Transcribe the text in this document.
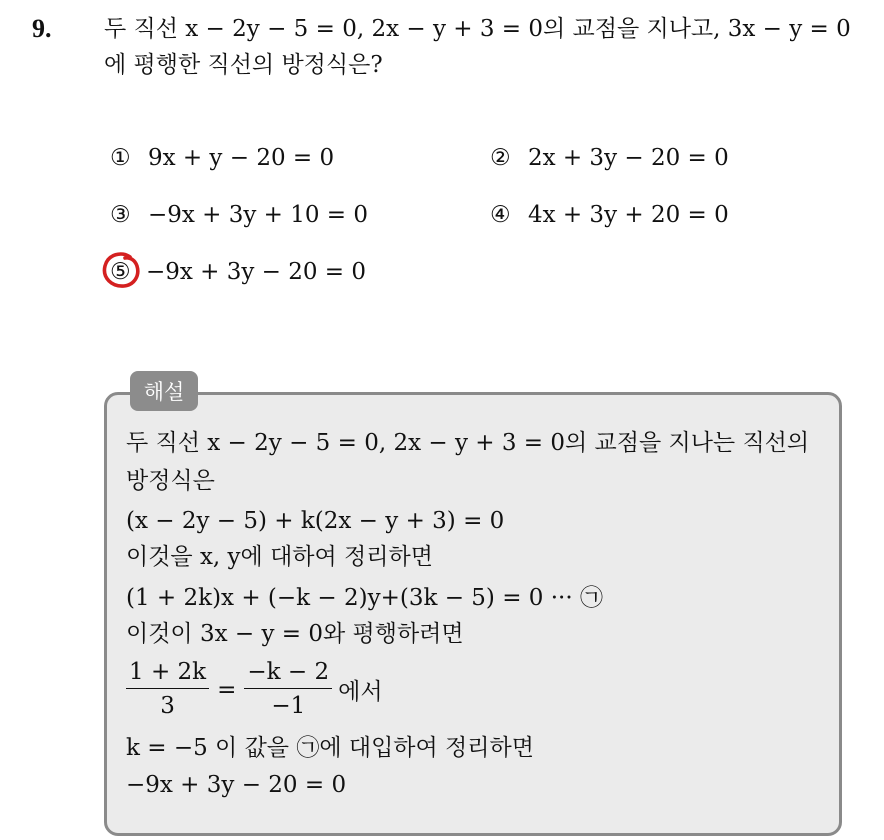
9. 두 직선 x − 2y − 5 = 0, 2x − y + 3 = 0의 교점을 지나고, 3x − y = 0
에 평행한 직선의 방정식은?
① 9x + y − 20 = 0	② 2x + 3y − 20 = 0
③ −9x + 3y + 10 = 0	④ 4x + 3y + 20 = 0
⑤ −9x + 3y − 20 = 0
해설
두 직선 x − 2y − 5 = 0, 2x − y + 3 = 0의 교점을 지나는 직선의
방정식은
(x − 2y − 5) + k(2x − y + 3) = 0
이것을 x, y에 대하여 정리하면
(1 + 2k)x + (−k − 2)y+(3k − 5) = 0 ··· ㉠
이것이 3x − y = 0와 평행하려면
$\frac{1 + 2k}{3} = \frac{-k - 2}{-1}$ 에서
k = −5 이 값을 ㉠에 대입하여 정리하면
−9x + 3y − 20 = 0
